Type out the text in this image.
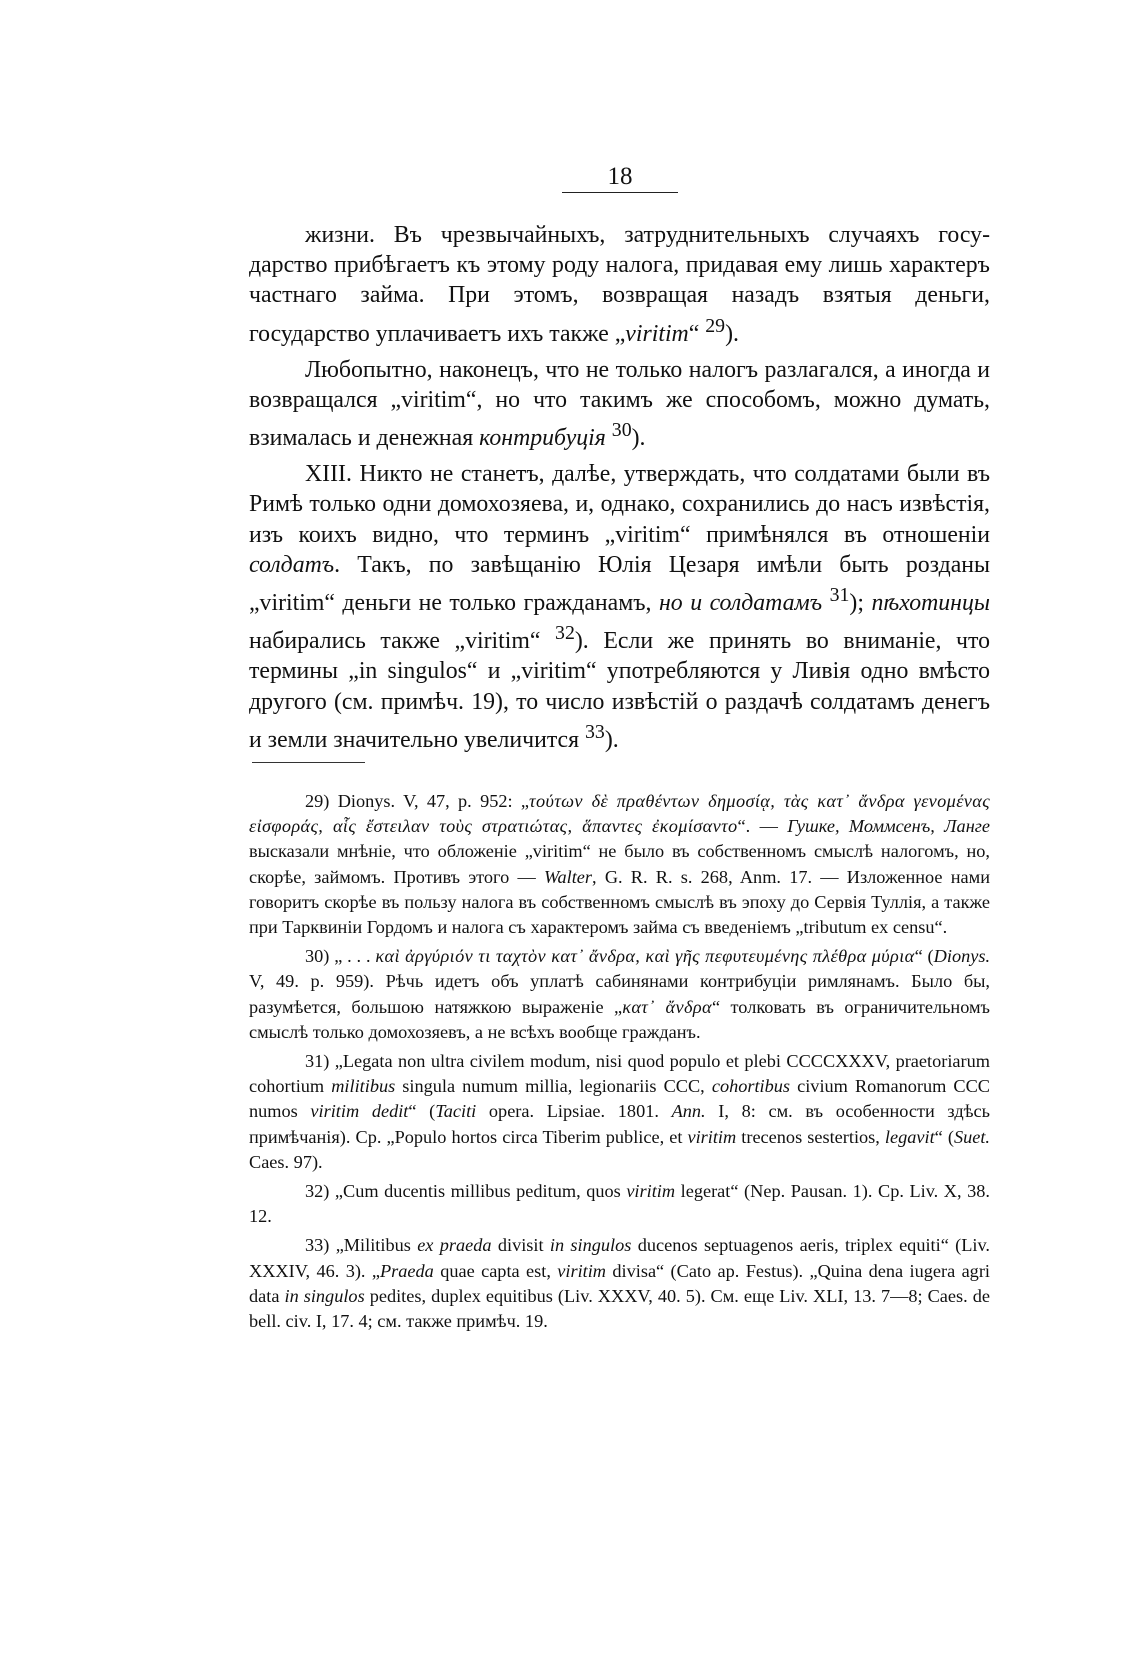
18

жизни. Въ чрезвычайныхъ, затруднительныхъ случаяхъ государство прибѣгаетъ къ этому роду налога, придавая ему лишь характеръ частнаго займа. При этомъ, возвращая назадъ взятыя деньги, государство уплачиваетъ ихъ также „viritim“ $^{29}$).

Любопытно, наконецъ, что не только налогъ разлагался, а иногда и возвращался „viritim“, но что такимъ же способомъ, можно думать, взималась и денежная контрибуція $^{30}$).

XIII. Никто не станетъ, далѣе, утверждать, что солдатами были въ Римѣ только одни домохозяева, и, однако, сохранились до насъ извѣстія, изъ коихъ видно, что терминъ „viritim“ примѣнялся въ отношеніи солдатъ. Такъ, по завѣщанію Юлія Цезаря имѣли быть розданы „viritim“ деньги не только гражданамъ, но и солдатамъ $^{31}$); пѣхотинцы набирались также „viritim“ $^{32}$). Если же принять во вниманіе, что термины „in singulos“ и „viritim“ употребляются у Ливія одно вмѣсто другого (см. примѣч. 19), то число извѣстій о раздачѣ солдатамъ денегъ и земли значительно увеличится $^{33}$).

29) Dionys. V, 47, p. 952: „τούτων δὲ πραθέντων δημοσίᾳ, τὰς κατ᾽ ἄνδρα γενομένας εἰσφοράς, αἷς ἔστειλαν τοὺς στρατιώτας, ἅπαντες ἐκομίσαντο“. — Гушке, Моммсенъ, Ланге высказали мнѣніе, что обложеніе „viritim“ не было въ собственномъ смыслѣ налогомъ, но, скорѣе, займомъ. Противъ этого — Walter, G. R. R. s. 268, Anm. 17. — Изложенное нами говоритъ скорѣе въ пользу налога въ собственномъ смыслѣ въ эпоху до Сервія Туллія, а также при Тарквиніи Гордомъ и налога съ характеромъ займа съ введеніемъ „tributum ex censu“.

30) „ . . . καὶ ἀργύριόν τι ταχτὸν κατ᾽ ἄνδρα, καὶ γῆς πεφυτευμένης πλέθρα μύρια“ (Dionys. V, 49. p. 959). Рѣчь идетъ объ уплатѣ сабинянами контрибуціи римлянамъ. Было бы, разумѣется, большою натяжкою выраженіе „κατ᾽ ἄνδρα“ толковать въ ограничительномъ смыслѣ только домохозяевъ, а не всѣхъ вообще гражданъ.

31) „Legata non ultra civilem modum, nisi quod populo et plebi CCCCXXXV, praetoriarum cohortium militibus singula numum millia, legionariis CCC, cohortibus civium Romanorum CCC numos viritim dedit“ (Taciti opera. Lipsiae. 1801. Ann. I, 8: см. въ особенности здѣсь примѣчанія). Ср. „Populo hortos circa Tiberim publice, et viritim trecenos sestertios, legavit“ (Suet. Caes. 97).

32) „Cum ducentis millibus peditum, quos viritim legerat“ (Nep. Pausan. 1). Ср. Liv. X, 38. 12.

33) „Militibus ex praeda divisit in singulos ducenos septuagenos aeris, triplex equiti“ (Liv. XXXIV, 46. 3). „Praeda quae capta est, viritim divisa“ (Cato ap. Festus). „Quina dena iugera agri data in singulos pedites, duplex equitibus (Liv. XXXV, 40. 5). См. еще Liv. XLI, 13. 7—8; Caes. de bell. civ. I, 17. 4; см. также примѣч. 19.
